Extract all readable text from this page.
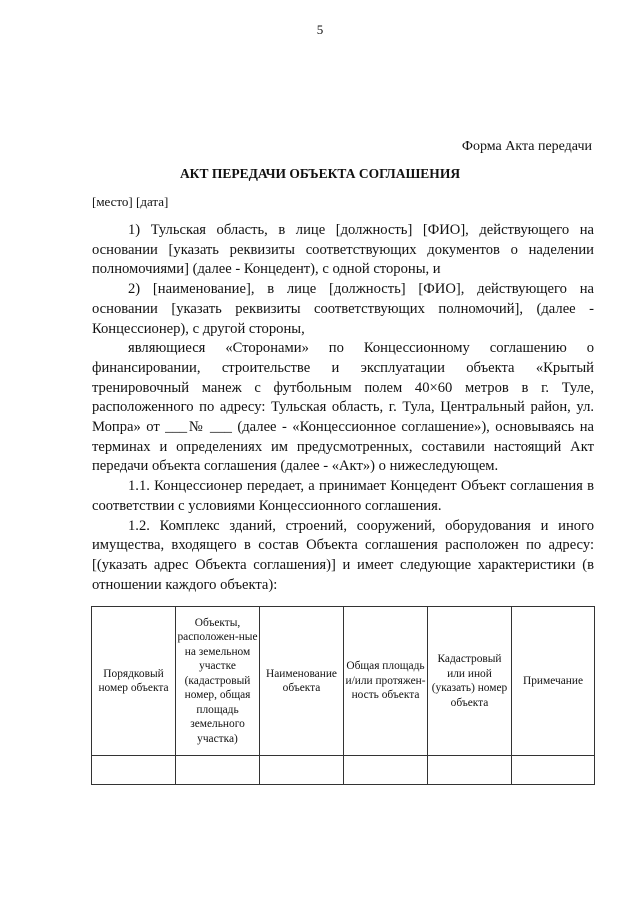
5
Форма Акта передачи
АКТ ПЕРЕДАЧИ ОБЪЕКТА СОГЛАШЕНИЯ
[место] [дата]

1) Тульская область, в лице [должность] [ФИО], действующего на основании [указать реквизиты соответствующих документов о наделении полномочиями] (далее - Концедент), с одной стороны, и

2) [наименование], в лице [должность] [ФИО], действующего на основании [указать реквизиты соответствующих полномочий], (далее - Концессионер), с другой стороны,

являющиеся «Сторонами» по Концессионному соглашению о финансировании, строительстве и эксплуатации объекта «Крытый тренировочный манеж с футбольным полем 40×60 метров в г. Туле, расположенного по адресу: Тульская область, г. Тула, Центральный район, ул. Мопра» от ___№ ___ (далее - «Концессионное соглашение»), основываясь на терминах и определениях им предусмотренных, составили настоящий Акт передачи объекта соглашения (далее - «Акт») о нижеследующем.

1.1. Концессионер передает, а принимает Концедент Объект соглашения в соответствии с условиями Концессионного соглашения.

1.2. Комплекс зданий, строений, сооружений, оборудования и иного имущества, входящего в состав Объекта соглашения расположен по адресу: [(указать адрес Объекта соглашения)] и имеет следующие характеристики (в отношении каждого объекта):

Порядковый номер объекта	Объекты, расположен-ные на земельном участке (кадастровый номер, общая площадь земельного участка)	Наименование объекта	Общая площадь и/или протяжен-ность объекта	Кадастровый или иной (указать) номер объекта	Примечание
